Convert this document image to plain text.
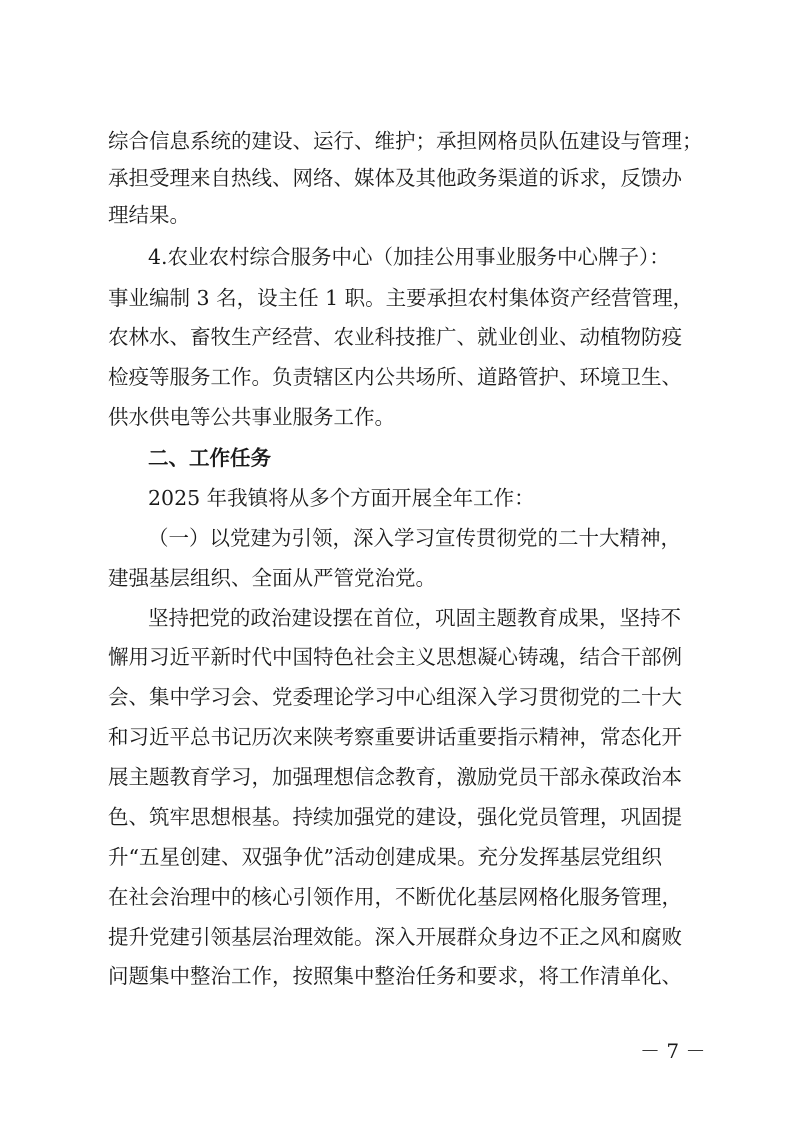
综合信息系统的建设、运行、维护；承担网格员队伍建设与管理；
承担受理来自热线、网络、媒体及其他政务渠道的诉求，反馈办
理结果。
4.农业农村综合服务中心（加挂公用事业服务中心牌子）：
事业编制 3 名，设主任 1 职。主要承担农村集体资产经营管理，
农林水、畜牧生产经营、农业科技推广、就业创业、动植物防疫
检疫等服务工作。负责辖区内公共场所、道路管护、环境卫生、
供水供电等公共事业服务工作。
二、工作任务
2025 年我镇将从多个方面开展全年工作：
（一）以党建为引领，深入学习宣传贯彻党的二十大精神，
建强基层组织、全面从严管党治党。
坚持把党的政治建设摆在首位，巩固主题教育成果，坚持不
懈用习近平新时代中国特色社会主义思想凝心铸魂，结合干部例
会、集中学习会、党委理论学习中心组深入学习贯彻党的二十大
和习近平总书记历次来陕考察重要讲话重要指示精神，常态化开
展主题教育学习，加强理想信念教育，激励党员干部永葆政治本
色、筑牢思想根基。持续加强党的建设，强化党员管理，巩固提
升“五星创建、双强争优”活动创建成果。充分发挥基层党组织
在社会治理中的核心引领作用，不断优化基层网格化服务管理，
提升党建引领基层治理效能。深入开展群众身边不正之风和腐败
问题集中整治工作，按照集中整治任务和要求，将工作清单化、
－ 7 －
